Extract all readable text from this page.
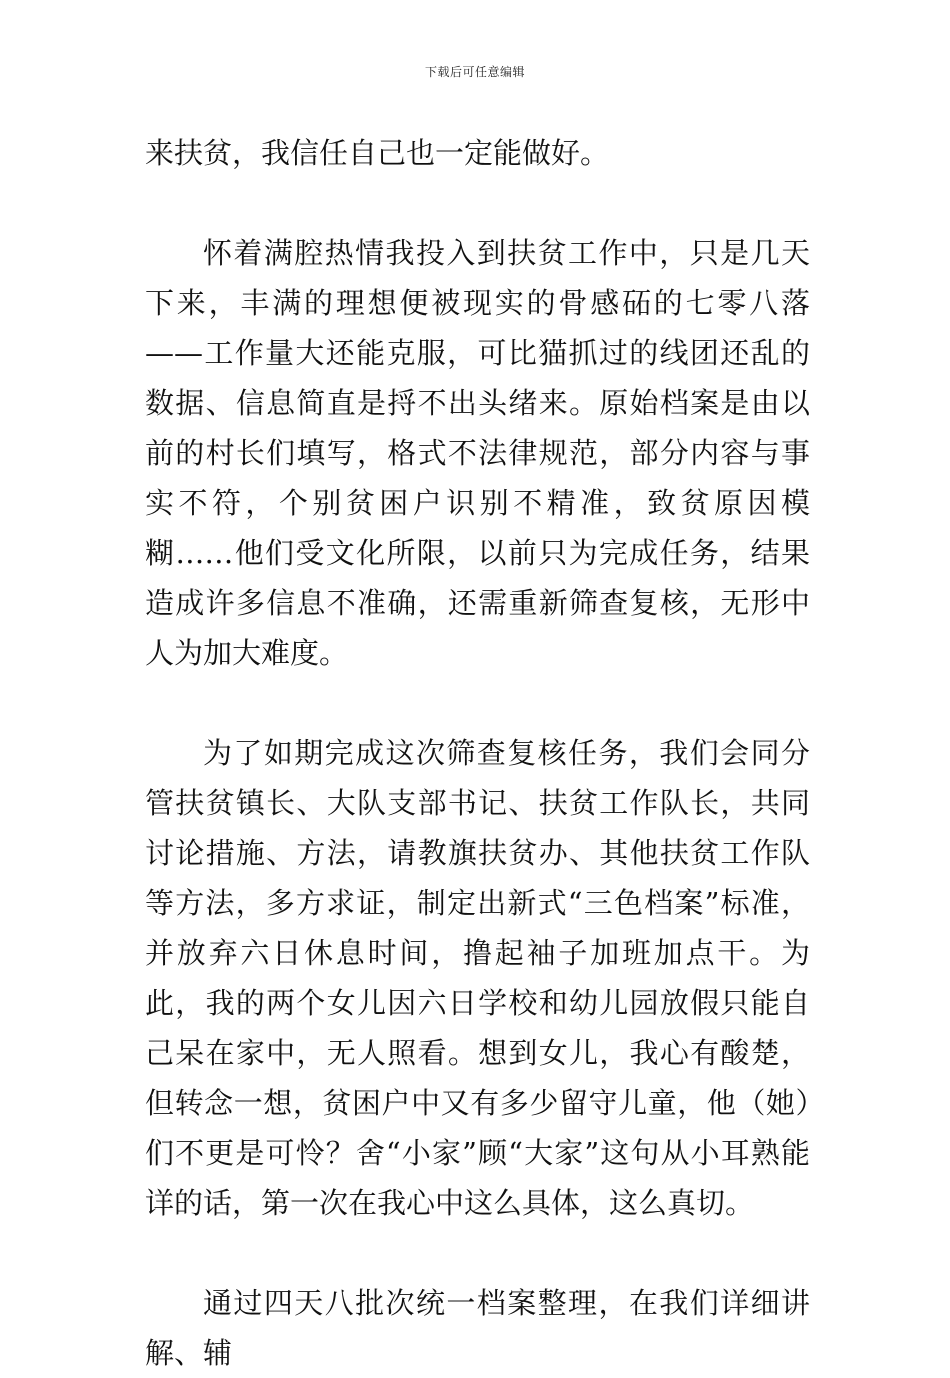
下载后可任意编辑

来扶贫，我信任自己也一定能做好。

怀着满腔热情我投入到扶贫工作中，只是几天下来，丰满的理想便被现实的骨感砳的七零八落——工作量大还能克服，可比猫抓过的线团还乱的数据、信息简直是捋不出头绪来。原始档案是由以前的村长们填写，格式不法律规范，部分内容与事实不符，个别贫困户识别不精准，致贫原因模糊……他们受文化所限，以前只为完成任务，结果造成许多信息不准确，还需重新筛查复核，无形中人为加大难度。

为了如期完成这次筛查复核任务，我们会同分管扶贫镇长、大队支部书记、扶贫工作队长，共同讨论措施、方法，请教旗扶贫办、其他扶贫工作队等方法，多方求证，制定出新式“三色档案”标准，并放弃六日休息时间，撸起袖子加班加点干。为此，我的两个女儿因六日学校和幼儿园放假只能自己呆在家中，无人照看。想到女儿，我心有酸楚，但转念一想，贫困户中又有多少留守儿童，他（她）们不更是可怜？舍“小家”顾“大家”这句从小耳熟能详的话，第一次在我心中这么具体，这么真切。

通过四天八批次统一档案整理，在我们详细讲解、辅
